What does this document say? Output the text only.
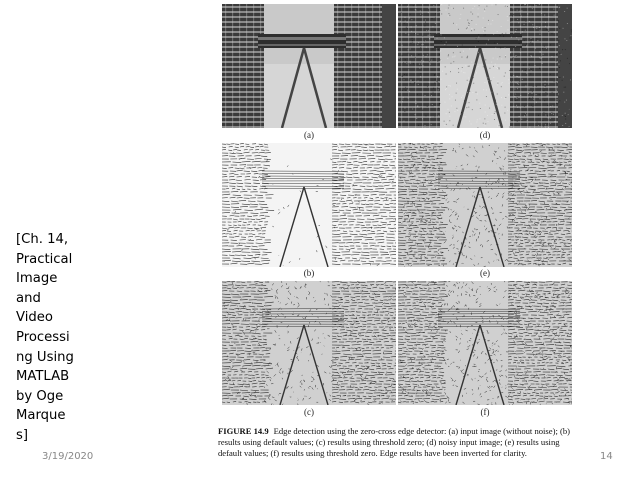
[Ch. 14,
Practical
Image
and
Video
Processi
ng Using
MATLAB
by Oge
Marque
s]
(a)	(d)
(b)	(e)
(c)	(f)
FIGURE 14.9 Edge detection using the zero-cross edge detector: (a) input image (without noise); (b) results using default values; (c) results using threshold zero; (d) noisy input image; (e) results using default values; (f) results using threshold zero. Edge results have been inverted for clarity.
3/19/2020	14
